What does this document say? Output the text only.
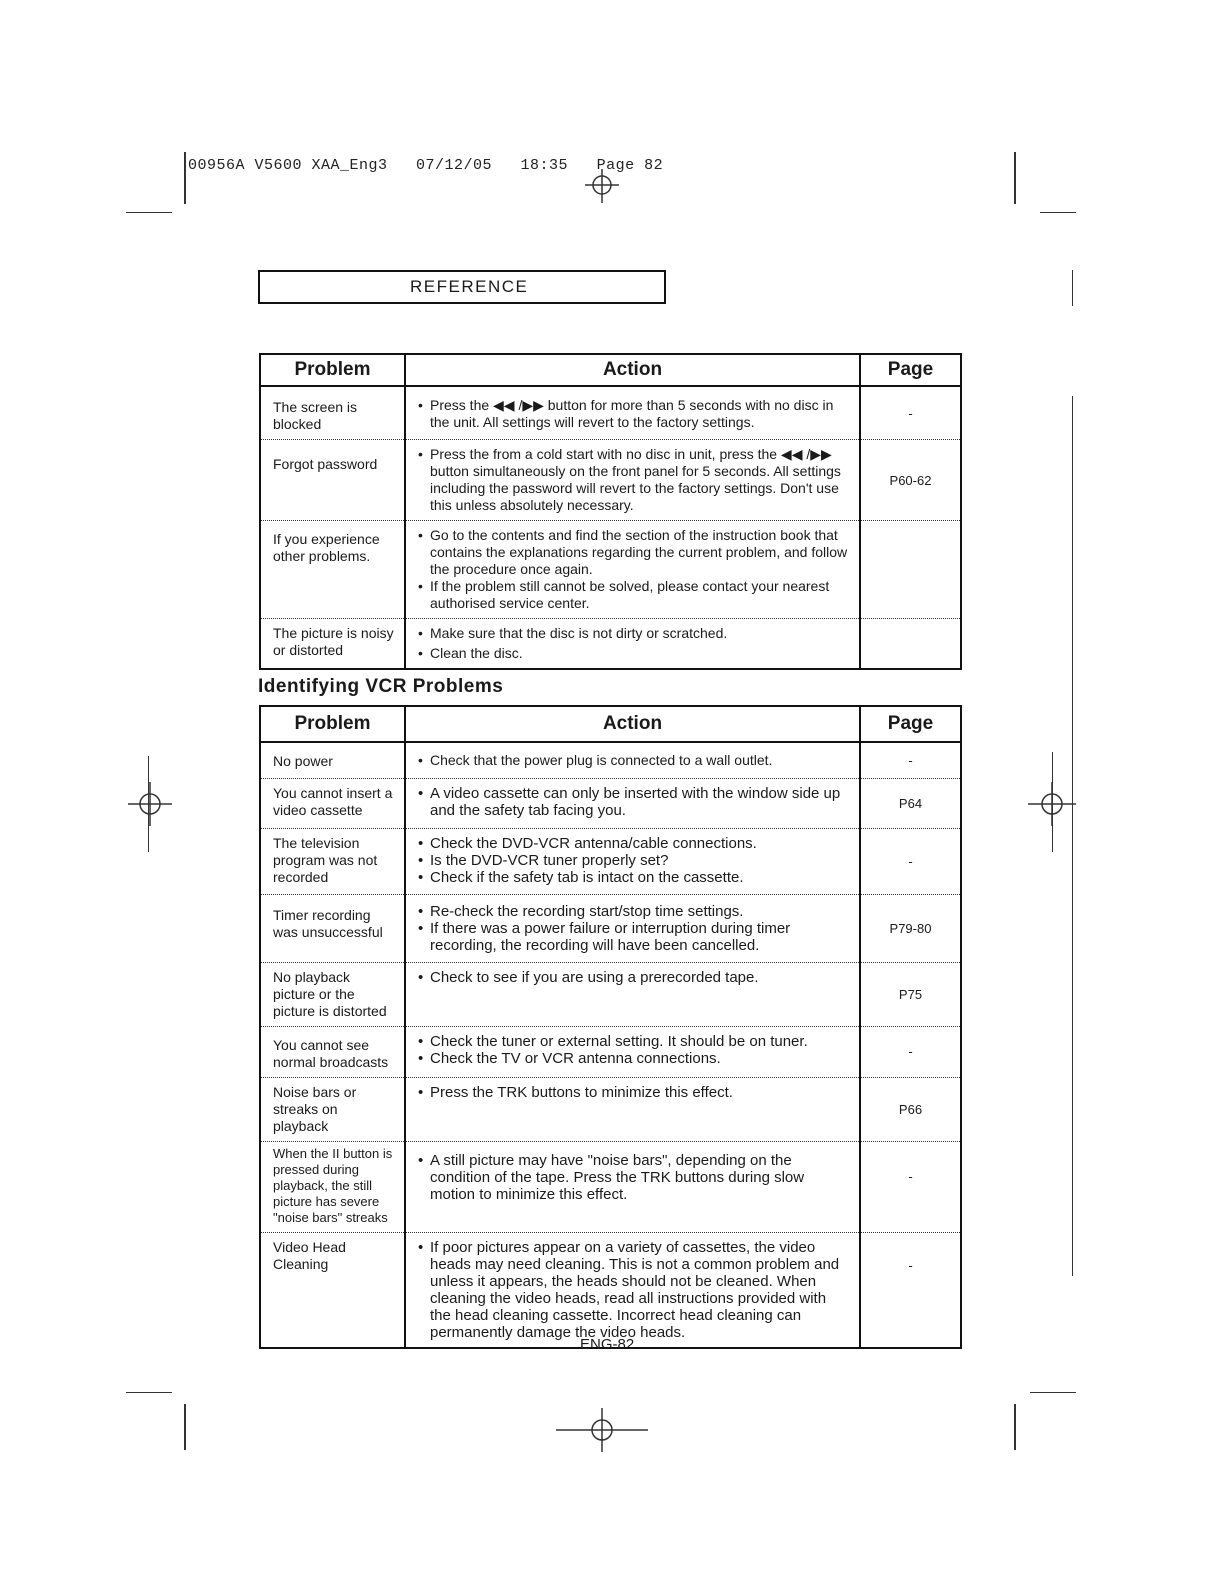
00956A V5600 XAA_Eng3   07/12/05   18:35   Page 82
REFERENCE
Problem	Action	Page
The screen is blocked	• Press the ◀◀ /▶▶ button for more than 5 seconds with no disc in the unit. All settings will revert to the factory settings.	-
Forgot password	• Press the from a cold start with no disc in unit, press the ◀◀ /▶▶ button simultaneously on the front panel for 5 seconds. All settings including the password will revert to the factory settings. Don't use this unless absolutely necessary.	P60-62
If you experience other problems.	• Go to the contents and find the section of the instruction book that contains the explanations regarding the current problem, and follow the procedure once again.
• If the problem still cannot be solved, please contact your nearest authorised service center.

The picture is noisy or distorted	• Make sure that the disc is not dirty or scratched.
• Clean the disc.

Identifying VCR Problems
Problem	Action	Page
No power	• Check that the power plug is connected to a wall outlet.	-
You cannot insert a video cassette	• A video cassette can only be inserted with the window side up and the safety tab facing you.	P64
The television program was not recorded	• Check the DVD-VCR antenna/cable connections.
• Is the DVD-VCR tuner properly set?
• Check if the safety tab is intact on the cassette.	-
Timer recording was unsuccessful	• Re-check the recording start/stop time settings.
• If there was a power failure or interruption during timer recording, the recording will have been cancelled.	P79-80
No playback picture or the picture is distorted	• Check to see if you are using a prerecorded tape.	P75
You cannot see normal broadcasts	• Check the tuner or external setting. It should be on tuner.
• Check the TV or VCR antenna connections.	-
Noise bars or streaks on playback	• Press the TRK buttons to minimize this effect.	P66
When the II button is pressed during playback, the still picture has severe "noise bars" streaks	• A still picture may have "noise bars", depending on the condition of the tape. Press the TRK buttons during slow motion to minimize this effect.	-
Video Head Cleaning	• If poor pictures appear on a variety of cassettes, the video heads may need cleaning. This is not a common problem and unless it appears, the heads should not be cleaned. When cleaning the video heads, read all instructions provided with the head cleaning cassette. Incorrect head cleaning can permanently damage the video heads.	-
ENG-82
